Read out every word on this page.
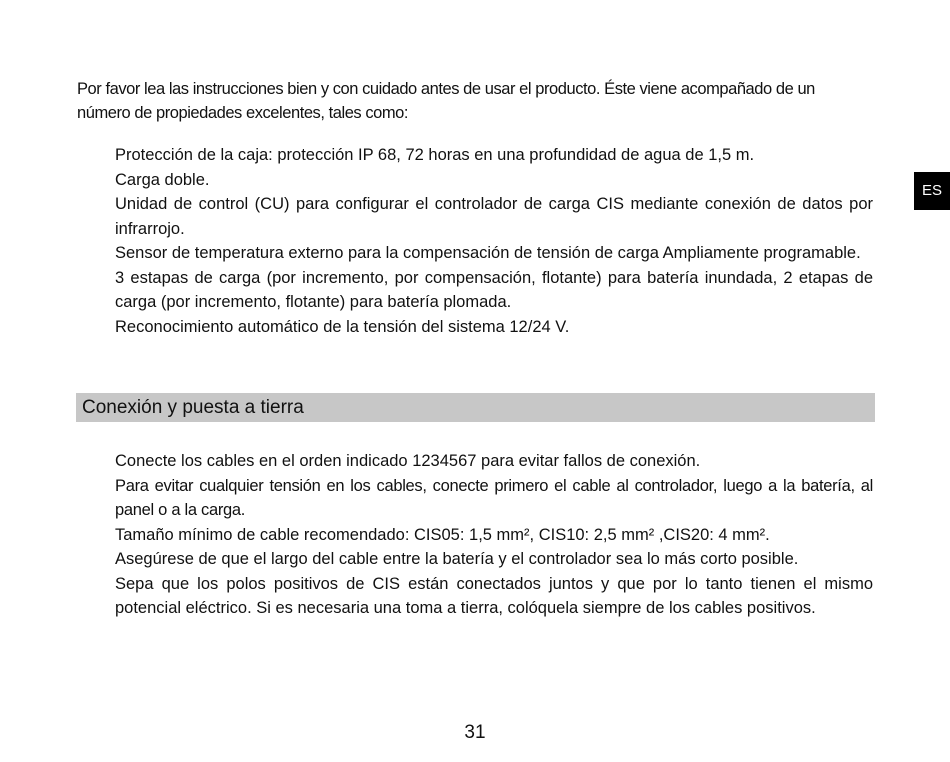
Por favor lea las instrucciones bien y con cuidado antes de usar el producto. Éste viene acompañado de un número de propiedades excelentes, tales como:

Protección de la caja: protección IP 68, 72 horas en una profundidad de agua de 1,5 m.
Carga doble.
Unidad de control (CU) para configurar el controlador de carga CIS mediante conexión de datos por infrarrojo.
Sensor de temperatura externo para la compensación de tensión de carga Ampliamente programable.
3 estapas de carga (por incremento, por compensación, flotante) para batería inundada, 2 etapas de carga (por incremento, flotante) para batería plomada.
Reconocimiento automático de la tensión del sistema 12/24 V.
Conexión y puesta a tierra
Conecte los cables en el orden indicado 1234567 para evitar fallos de conexión.
Para evitar cualquier tensión en los cables, conecte primero el cable al controlador, luego a la batería, al panel o a la carga.
Tamaño mínimo de cable recomendado: CIS05: 1,5 mm², CIS10: 2,5 mm² ,CIS20: 4 mm².
Asegúrese de que el largo del cable entre la batería y el controlador sea lo más corto posible.
Sepa que los polos positivos de CIS están conectados juntos y que por lo tanto tienen el mismo potencial eléctrico. Si es necesaria una toma a tierra, colóquela siempre de los cables positivos.
ES
31
